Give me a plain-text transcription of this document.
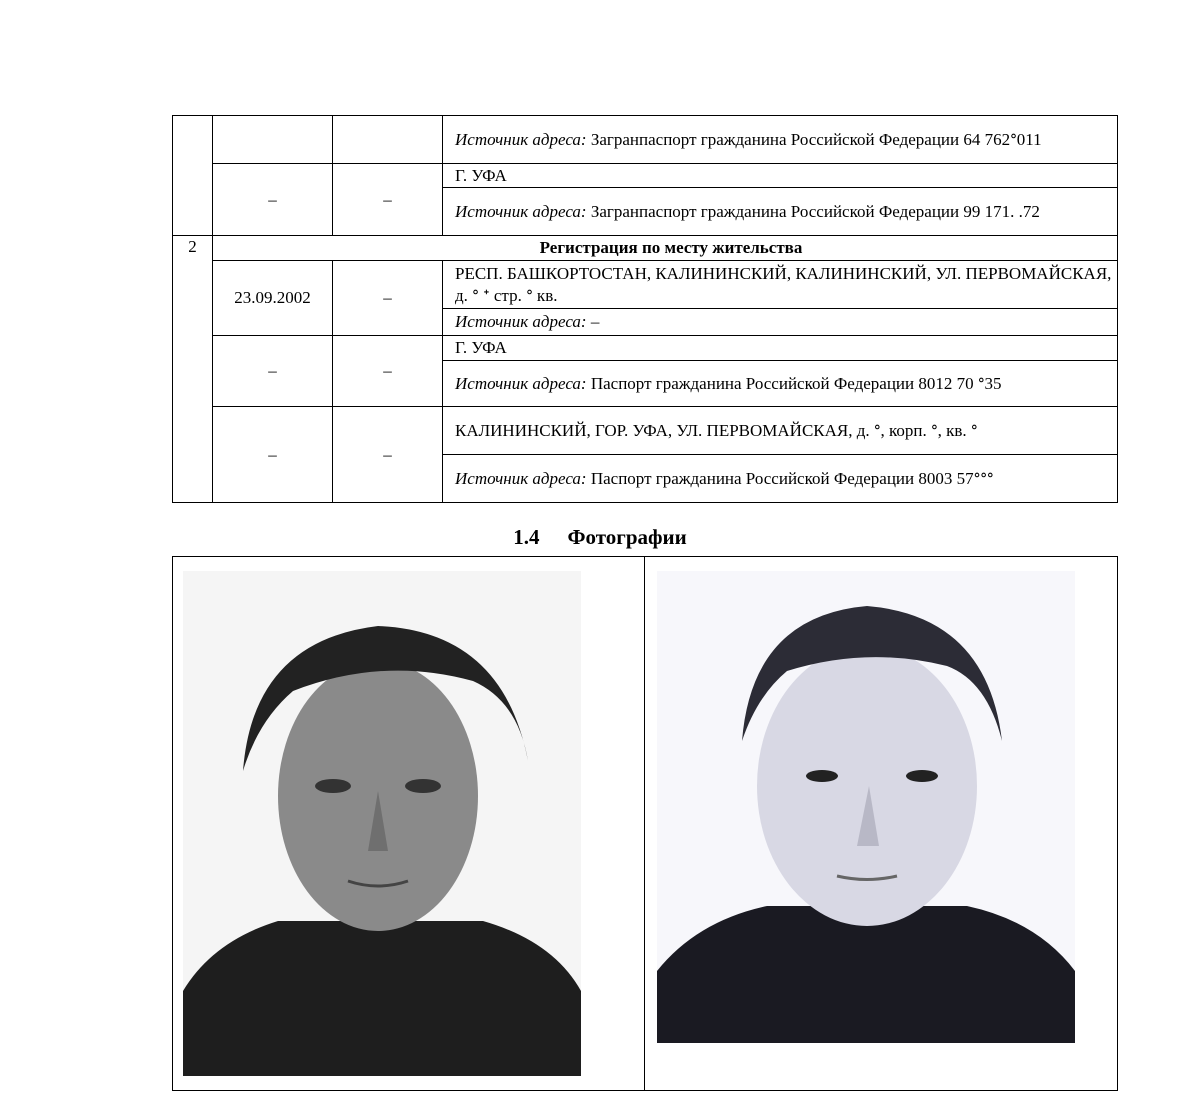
			Источник адреса: Загранпаспорт гражданина Российской Федерации 64 762ᐤ011
	–	–	Г. УФА
			Источник адреса: Загранпаспорт гражданина Российской Федерации 99 171. .72
2	Регистрация по месту жительства		
	23.09.2002	–	РЕСП. БАШКОРТОСТАН, КАЛИНИНСКИЙ, КАЛИНИНСКИЙ, УЛ. ПЕРВОМАЙСКАЯ, д. ᐤ ᐩ стр. ᐤ кв.
			Источник адреса: –
	–	–	Г. УФА
			Источник адреса: Паспорт гражданина Российской Федерации 8012 70 ᐤ35
	–	–	КАЛИНИНСКИЙ, ГОР. УФА, УЛ. ПЕРВОМАЙСКАЯ, д. ᐤ, корп. ᐤ, кв. ᐤ
			Источник адреса: Паспорт гражданина Российской Федерации 8003 57ᐤᐤᐤ
1.4 Фотографии
